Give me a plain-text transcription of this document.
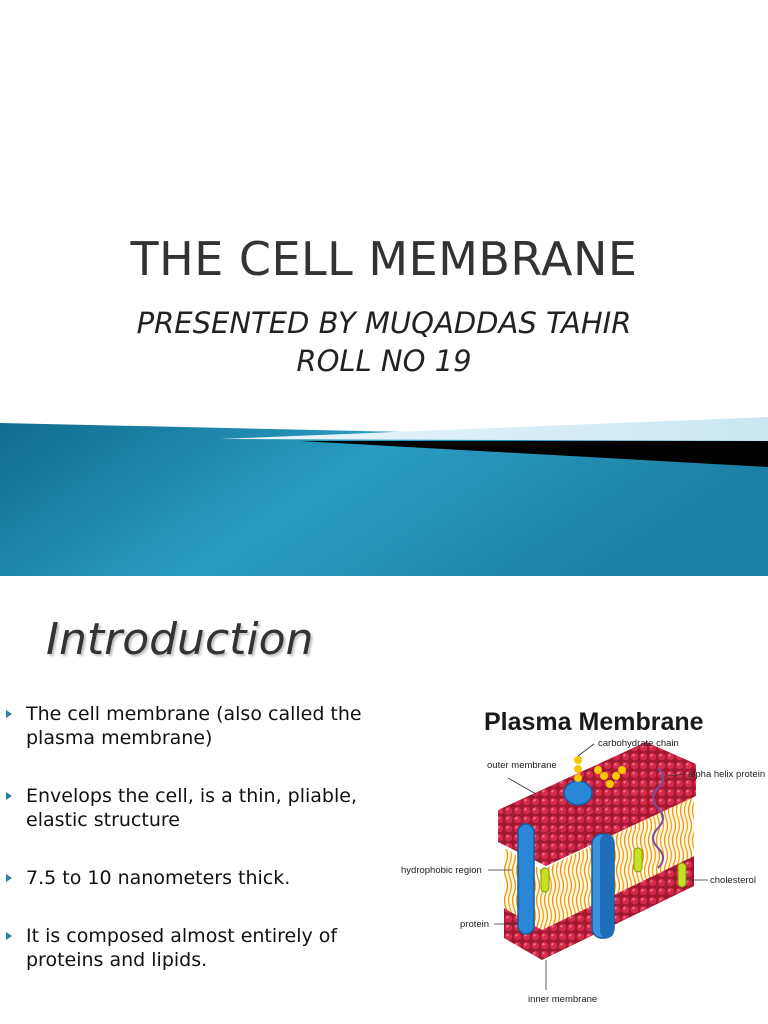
THE CELL MEMBRANE
PRESENTED BY MUQADDAS TAHIR
ROLL NO 19
Introduction
The cell membrane (also called the plasma membrane)
Envelops the cell, is a thin, pliable, elastic structure
7.5 to 10 nanometers thick.
It is composed almost entirely of proteins and lipids.
Plasma Membrane
carbohydrate chain
outer membrane
alpha helix protein
hydrophobic region
cholesterol
protein
inner membrane
